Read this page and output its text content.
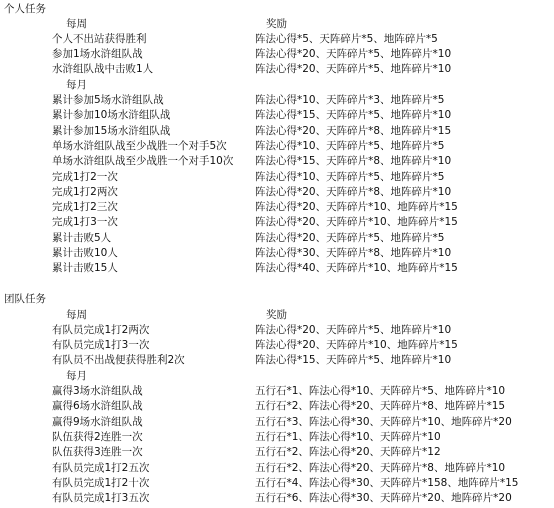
个人任务
每周	奖励
个人不出站获得胜利	阵法心得*5、天阵碎片*5、地阵碎片*5
参加1场水浒组队战	阵法心得*20、天阵碎片*5、地阵碎片*10
水浒组队战中击败1人	阵法心得*20、天阵碎片*5、地阵碎片*10
每月
累计参加5场水浒组队战	阵法心得*10、天阵碎片*3、地阵碎片*5
累计参加10场水浒组队战	阵法心得*15、天阵碎片*5、地阵碎片*10
累计参加15场水浒组队战	阵法心得*20、天阵碎片*8、地阵碎片*15
单场水浒组队战至少战胜一个对手5次	阵法心得*10、天阵碎片*5、地阵碎片*5
单场水浒组队战至少战胜一个对手10次 阵法心得*15、天阵碎片*8、地阵碎片*10
完成1打2一次	阵法心得*10、天阵碎片*5、地阵碎片*5
完成1打2两次	阵法心得*20、天阵碎片*8、地阵碎片*10
完成1打2三次	阵法心得*20、天阵碎片*10、地阵碎片*15
完成1打3一次	阵法心得*20、天阵碎片*10、地阵碎片*15
累计击败5人	阵法心得*20、天阵碎片*5、地阵碎片*5
累计击败10人	阵法心得*30、天阵碎片*8、地阵碎片*10
累计击败15人	阵法心得*40、天阵碎片*10、地阵碎片*15
团队任务
每周	奖励
有队员完成1打2两次	阵法心得*20、天阵碎片*5、地阵碎片*10
有队员完成1打3一次	阵法心得*20、天阵碎片*10、地阵碎片*15
有队员不出战便获得胜利2次	阵法心得*15、天阵碎片*5、地阵碎片*10
每月
赢得3场水浒组队战	五行石*1、阵法心得*10、天阵碎片*5、地阵碎片*10
赢得6场水浒组队战	五行石*2、阵法心得*20、天阵碎片*8、地阵碎片*15
赢得9场水浒组队战	五行石*3、阵法心得*30、天阵碎片*10、地阵碎片*20
队伍获得2连胜一次	五行石*1、阵法心得*10、天阵碎片*10
队伍获得3连胜一次	五行石*2、阵法心得*20、天阵碎片*12
有队员完成1打2五次	五行石*2、阵法心得*20、天阵碎片*8、地阵碎片*10
有队员完成1打2十次	五行石*4、阵法心得*30、天阵碎片*158、地阵碎片*15
有队员完成1打3五次	五行石*6、阵法心得*30、天阵碎片*20、地阵碎片*20
